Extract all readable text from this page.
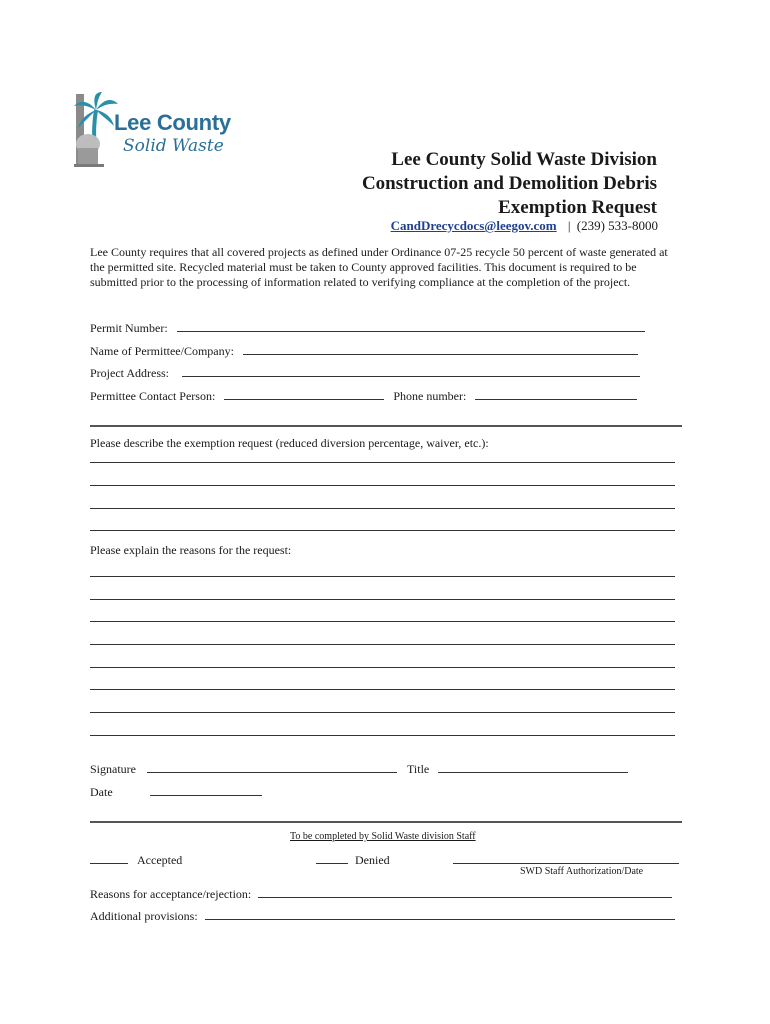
Lee County
Solid Waste
Lee County Solid Waste Division
Construction and Demolition Debris
Exemption Request
CandDrecycdocs@leegov.com | (239) 533-8000
Lee County requires that all covered projects as defined under Ordinance 07-25 recycle 50 percent of waste generated at the permitted site. Recycled material must be taken to County approved facilities. This document is required to be submitted prior to the processing of information related to verifying compliance at the completion of the project.
Permit Number:
Name of Permittee/Company:
Project Address:
Permittee Contact Person:	Phone number:
Please describe the exemption request (reduced diversion percentage, waiver, etc.):
Please explain the reasons for the request:
Signature	Title
Date
To be completed by Solid Waste division Staff
Accepted	Denied
SWD Staff Authorization/Date
Reasons for acceptance/rejection:
Additional provisions:
